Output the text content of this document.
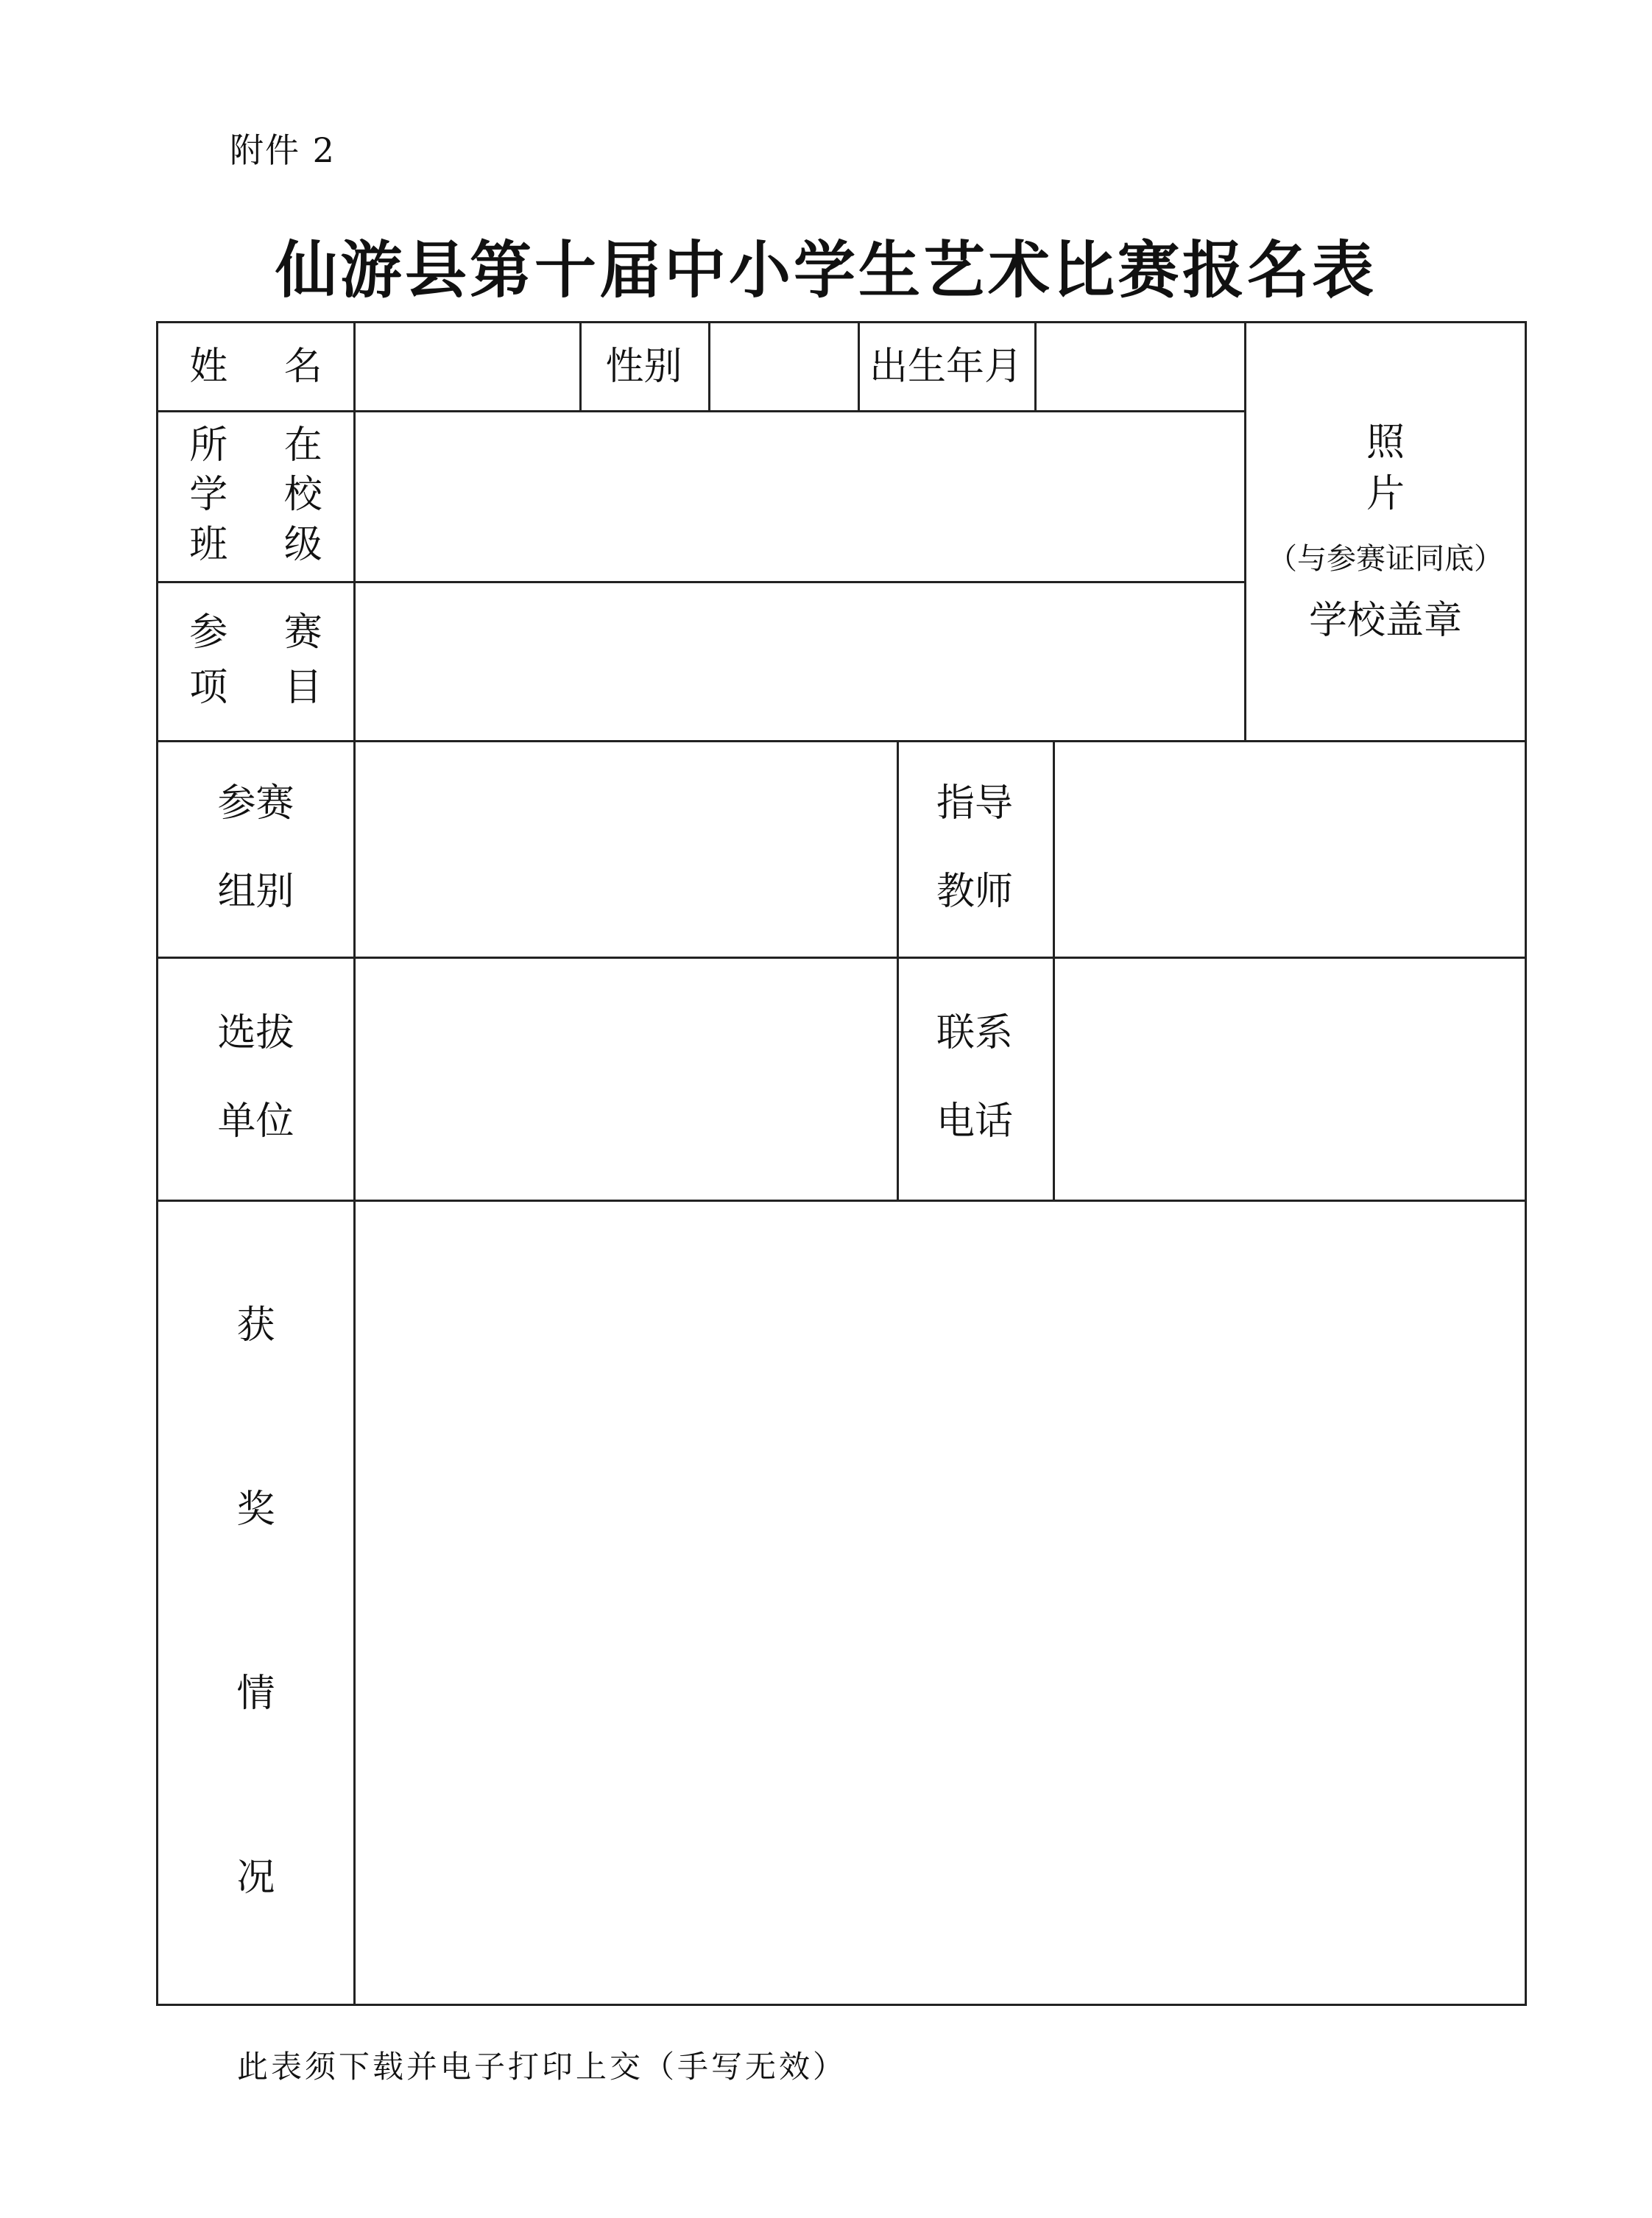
附件 2
仙游县第十届中小学生艺术比赛报名表
姓 名	性别	出生年月
照
片
（与参赛证同底）
学校盖章
所 在
学 校
班 级
参 赛
项 目
参赛
组别
指导
教师
选拔
单位
联系
电话
获
奖
情
况
此表须下载并电子打印上交（手写无效）
